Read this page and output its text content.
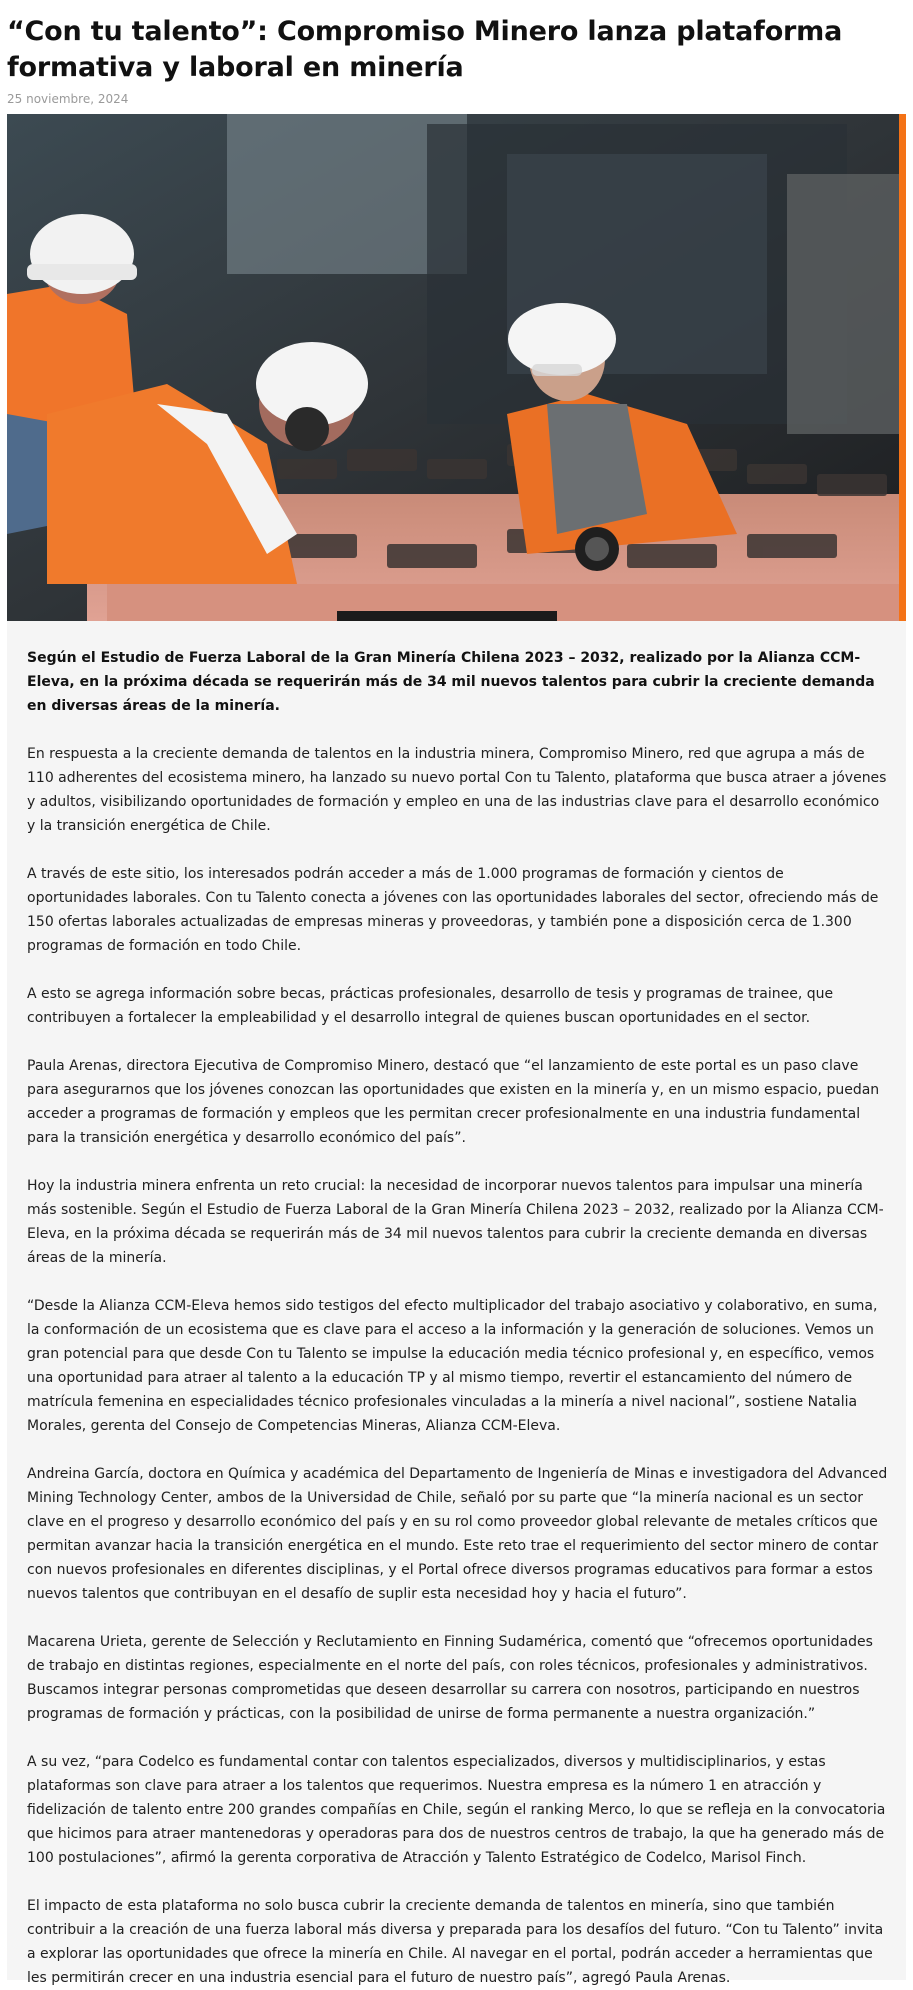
“Con tu talento”: Compromiso Minero lanza plataforma formativa y laboral en minería
25 noviembre, 2024

Según el Estudio de Fuerza Laboral de la Gran Minería Chilena 2023 – 2032, realizado por la Alianza CCM- Eleva, en la próxima década se requerirán más de 34 mil nuevos talentos para cubrir la creciente demanda en diversas áreas de la minería.

En respuesta a la creciente demanda de talentos en la industria minera, Compromiso Minero, red que agrupa a más de 110 adherentes del ecosistema minero, ha lanzado su nuevo portal Con tu Talento, plataforma que busca atraer a jóvenes y adultos, visibilizando oportunidades de formación y empleo en una de las industrias clave para el desarrollo económico y la transición energética de Chile.

A través de este sitio, los interesados podrán acceder a más de 1.000 programas de formación y cientos de oportunidades laborales. Con tu Talento conecta a jóvenes con las oportunidades laborales del sector, ofreciendo más de 150 ofertas laborales actualizadas de empresas mineras y proveedoras, y también pone a disposición cerca de 1.300 programas de formación en todo Chile.

A esto se agrega información sobre becas, prácticas profesionales, desarrollo de tesis y programas de trainee, que contribuyen a fortalecer la empleabilidad y el desarrollo integral de quienes buscan oportunidades en el sector.

Paula Arenas, directora Ejecutiva de Compromiso Minero, destacó que “el lanzamiento de este portal es un paso clave para asegurarnos que los jóvenes conozcan las oportunidades que existen en la minería y, en un mismo espacio, puedan acceder a programas de formación y empleos que les permitan crecer profesionalmente en una industria fundamental para la transición energética y desarrollo económico del país”.

Hoy la industria minera enfrenta un reto crucial: la necesidad de incorporar nuevos talentos para impulsar una minería más sostenible. Según el Estudio de Fuerza Laboral de la Gran Minería Chilena 2023 – 2032, realizado por la Alianza CCM- Eleva, en la próxima década se requerirán más de 34 mil nuevos talentos para cubrir la creciente demanda en diversas áreas de la minería.

“Desde la Alianza CCM-Eleva hemos sido testigos del efecto multiplicador del trabajo asociativo y colaborativo, en suma, la conformación de un ecosistema que es clave para el acceso a la información y la generación de soluciones. Vemos un gran potencial para que desde Con tu Talento se impulse la educación media técnico profesional y, en específico, vemos una oportunidad para atraer al talento a la educación TP y al mismo tiempo, revertir el estancamiento del número de matrícula femenina en especialidades técnico profesionales vinculadas a la minería a nivel nacional”, sostiene Natalia Morales, gerenta del Consejo de Competencias Mineras, Alianza CCM-Eleva.

Andreina García, doctora en Química y académica del Departamento de Ingeniería de Minas e investigadora del Advanced Mining Technology Center, ambos de la Universidad de Chile, señaló por su parte que “la minería nacional es un sector clave en el progreso y desarrollo económico del país y en su rol como proveedor global relevante de metales críticos que permitan avanzar hacia la transición energética en el mundo. Este reto trae el requerimiento del sector minero de contar con nuevos profesionales en diferentes disciplinas, y el Portal ofrece diversos programas educativos para formar a estos nuevos talentos que contribuyan en el desafío de suplir esta necesidad hoy y hacia el futuro”.

Macarena Urieta, gerente de Selección y Reclutamiento en Finning Sudamérica, comentó que “ofrecemos oportunidades de trabajo en distintas regiones, especialmente en el norte del país, con roles técnicos, profesionales y administrativos. Buscamos integrar personas comprometidas que deseen desarrollar su carrera con nosotros, participando en nuestros programas de formación y prácticas, con la posibilidad de unirse de forma permanente a nuestra organización.”

A su vez, “para Codelco es fundamental contar con talentos especializados, diversos y multidisciplinarios, y estas plataformas son clave para atraer a los talentos que requerimos. Nuestra empresa es la número 1 en atracción y fidelización de talento entre 200 grandes compañías en Chile, según el ranking Merco, lo que se refleja en la convocatoria que hicimos para atraer mantenedoras y operadoras para dos de nuestros centros de trabajo, la que ha generado más de 100 postulaciones”, afirmó la gerenta corporativa de Atracción y Talento Estratégico de Codelco, Marisol Finch.

El impacto de esta plataforma no solo busca cubrir la creciente demanda de talentos en minería, sino que también contribuir a la creación de una fuerza laboral más diversa y preparada para los desafíos del futuro. “Con tu Talento” invita a explorar las oportunidades que ofrece la minería en Chile. Al navegar en el portal, podrán acceder a herramientas que les permitirán crecer en una industria esencial para el futuro de nuestro país”, agregó Paula Arenas.
